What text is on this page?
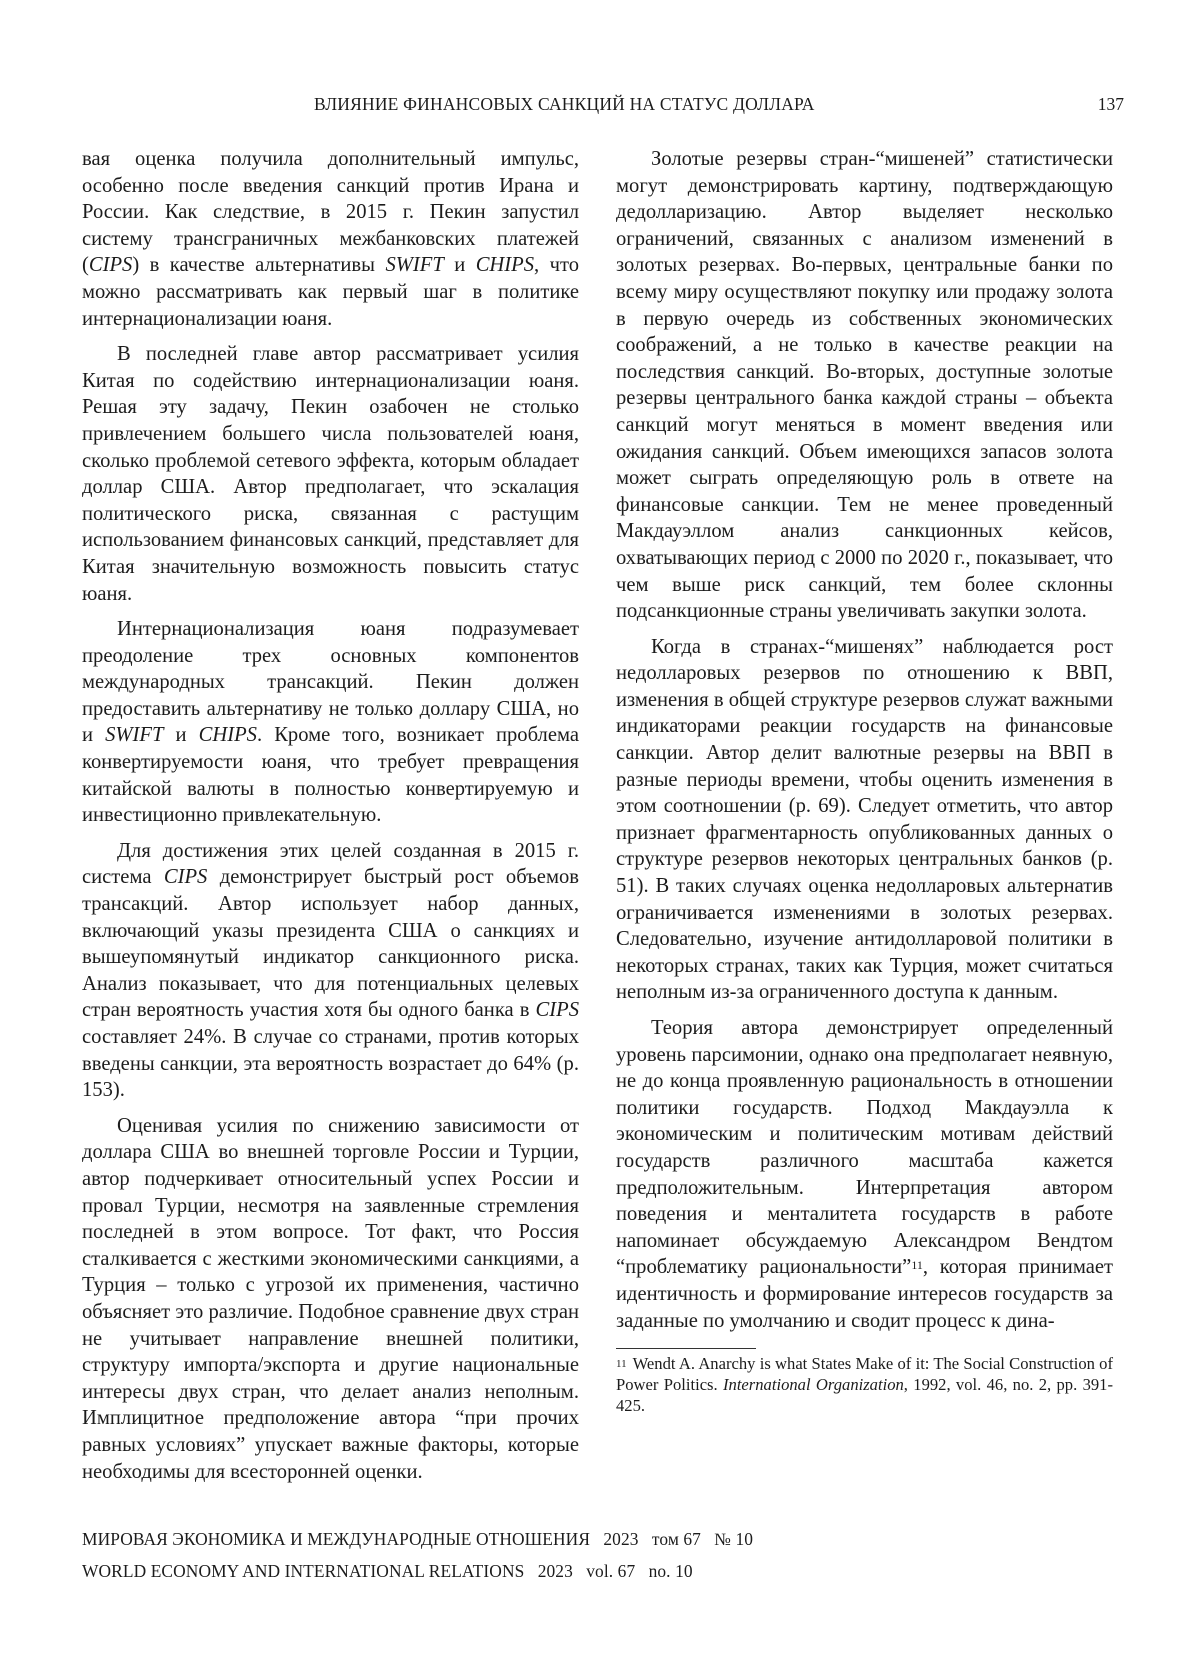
ВЛИЯНИЕ ФИНАНСОВЫХ САНКЦИЙ НА СТАТУС ДОЛЛАРА	137

вая оценка получила дополнительный импульс, особенно после введения санкций против Ирана и России. Как следствие, в 2015 г. Пекин запустил систему трансграничных межбанковских платежей (CIPS) в качестве альтернативы SWIFT и CHIPS, что можно рассматривать как первый шаг в политике интернационализации юаня.

В последней главе автор рассматривает усилия Китая по содействию интернационализации юаня. Решая эту задачу, Пекин озабочен не столько привлечением большего числа пользователей юаня, сколько проблемой сетевого эффекта, которым обладает доллар США. Автор предполагает, что эскалация политического риска, связанная с растущим использованием финансовых санкций, представляет для Китая значительную возможность повысить статус юаня.

Интернационализация юаня подразумевает преодоление трех основных компонентов международных трансакций. Пекин должен предоставить альтернативу не только доллару США, но и SWIFT и CHIPS. Кроме того, возникает проблема конвертируемости юаня, что требует превращения китайской валюты в полностью конвертируемую и инвестиционно привлекательную.

Для достижения этих целей созданная в 2015 г. система CIPS демонстрирует быстрый рост объемов трансакций. Автор использует набор данных, включающий указы президента США о санкциях и вышеупомянутый индикатор санкционного риска. Анализ показывает, что для потенциальных целевых стран вероятность участия хотя бы одного банка в CIPS составляет 24%. В случае со странами, против которых введены санкции, эта вероятность возрастает до 64% (p. 153).

Оценивая усилия по снижению зависимости от доллара США во внешней торговле России и Турции, автор подчеркивает относительный успех России и провал Турции, несмотря на заявленные стремления последней в этом вопросе. Тот факт, что Россия сталкивается с жесткими экономическими санкциями, а Турция – только с угрозой их применения, частично объясняет это различие. Подобное сравнение двух стран не учитывает направление внешней политики, структуру импорта/экспорта и другие национальные интересы двух стран, что делает анализ неполным. Имплицитное предположение автора “при прочих равных условиях” упускает важные факторы, которые необходимы для всесторонней оценки.

Золотые резервы стран-“мишеней” статистически могут демонстрировать картину, подтверждающую дедолларизацию. Автор выделяет несколько ограничений, связанных с анализом изменений в золотых резервах. Во-первых, центральные банки по всему миру осуществляют покупку или продажу золота в первую очередь из собственных экономических соображений, а не только в качестве реакции на последствия санкций. Во-вторых, доступные золотые резервы центрального банка каждой страны – объекта санкций могут меняться в момент введения или ожидания санкций. Объем имеющихся запасов золота может сыграть определяющую роль в ответе на финансовые санкции. Тем не менее проведенный Макдауэллом анализ санкционных кейсов, охватывающих период с 2000 по 2020 г., показывает, что чем выше риск санкций, тем более склонны подсанкционные страны увеличивать закупки золота.

Когда в странах-“мишенях” наблюдается рост недолларовых резервов по отношению к ВВП, изменения в общей структуре резервов служат важными индикаторами реакции государств на финансовые санкции. Автор делит валютные резервы на ВВП в разные периоды времени, чтобы оценить изменения в этом соотношении (p. 69). Следует отметить, что автор признает фрагментарность опубликованных данных о структуре резервов некоторых центральных банков (p. 51). В таких случаях оценка недолларовых альтернатив ограничивается изменениями в золотых резервах. Следовательно, изучение антидолларовой политики в некоторых странах, таких как Турция, может считаться неполным из-за ограниченного доступа к данным.

Теория автора демонстрирует определенный уровень парсимонии, однако она предполагает неявную, не до конца проявленную рациональность в отношении политики государств. Подход Макдауэлла к экономическим и политическим мотивам действий государств различного масштаба кажется предположительным. Интерпретация автором поведения и менталитета государств в работе напоминает обсуждаемую Александром Вендтом “проблематику рациональности”$^{11}$, которая принимает идентичность и формирование интересов государств за заданные по умолчанию и сводит процесс к дина-

$^{11}$ Wendt A. Anarchy is what States Make of it: The Social Construction of Power Politics. International Organization, 1992, vol. 46, no. 2, pp. 391-425.
МИРОВАЯ ЭКОНОМИКА И МЕЖДУНАРОДНЫЕ ОТНОШЕНИЯ   2023   том 67   № 10
WORLD ECONOMY AND INTERNATIONAL RELATIONS   2023   vol. 67   no. 10
